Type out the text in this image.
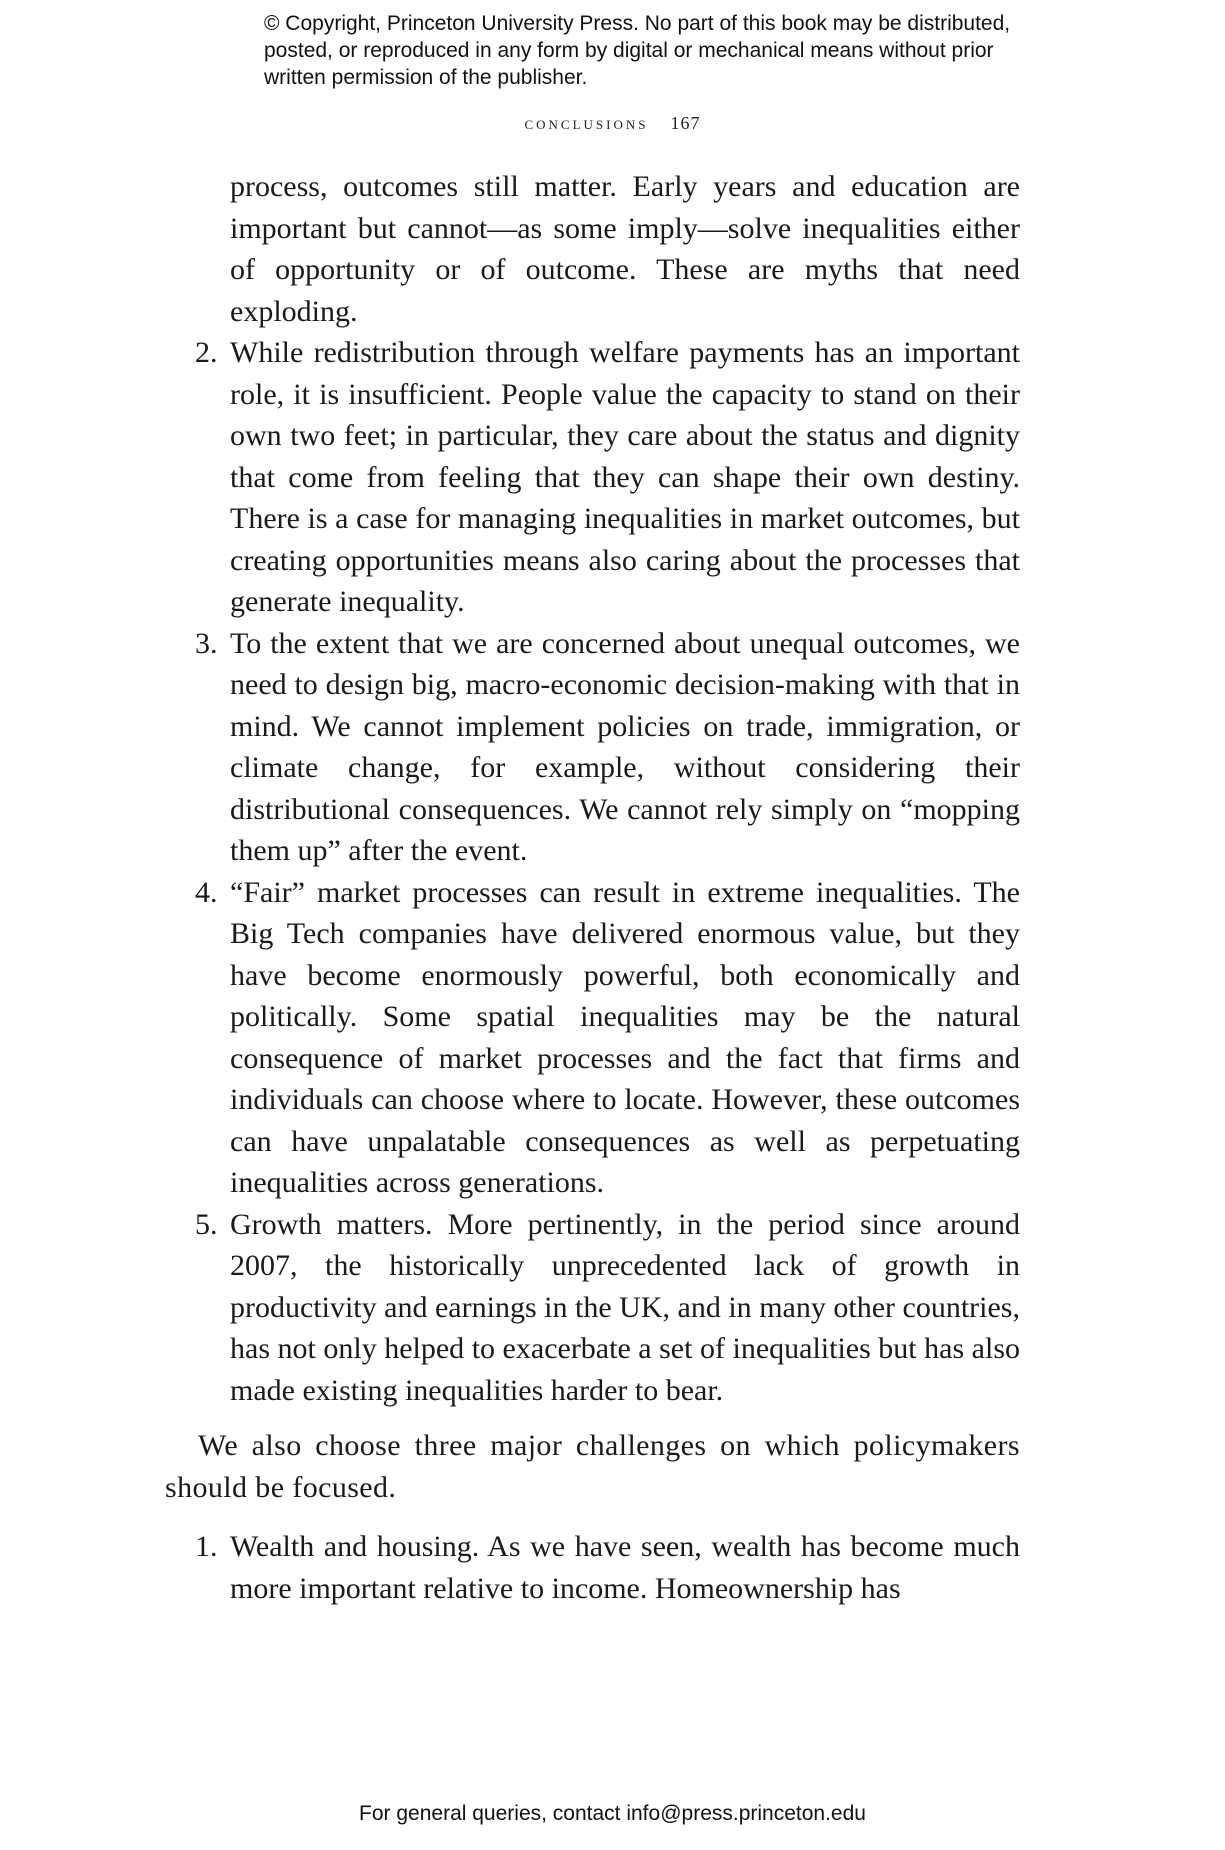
© Copyright, Princeton University Press. No part of this book may be distributed, posted, or reproduced in any form by digital or mechanical means without prior written permission of the publisher.

conclusions 167

process, outcomes still matter. Early years and education are important but cannot—as some imply—solve inequalities either of opportunity or of outcome. These are myths that need exploding.

2. While redistribution through welfare payments has an important role, it is insufficient. People value the capacity to stand on their own two feet; in particular, they care about the status and dignity that come from feeling that they can shape their own destiny. There is a case for managing inequalities in market outcomes, but creating opportunities means also caring about the processes that generate inequality.

3. To the extent that we are concerned about unequal outcomes, we need to design big, macro-economic decision-making with that in mind. We cannot implement policies on trade, immigration, or climate change, for example, without considering their distributional consequences. We cannot rely simply on “mopping them up” after the event.

4. “Fair” market processes can result in extreme inequalities. The Big Tech companies have delivered enormous value, but they have become enormously powerful, both economically and politically. Some spatial inequalities may be the natural consequence of market processes and the fact that firms and individuals can choose where to locate. However, these outcomes can have unpalatable consequences as well as perpetuating inequalities across generations.

5. Growth matters. More pertinently, in the period since around 2007, the historically unprecedented lack of growth in productivity and earnings in the UK, and in many other countries, has not only helped to exacerbate a set of inequalities but has also made existing inequalities harder to bear.

We also choose three major challenges on which policymakers should be focused.

1. Wealth and housing. As we have seen, wealth has become much more important relative to income. Homeownership has

For general queries, contact info@press.princeton.edu
